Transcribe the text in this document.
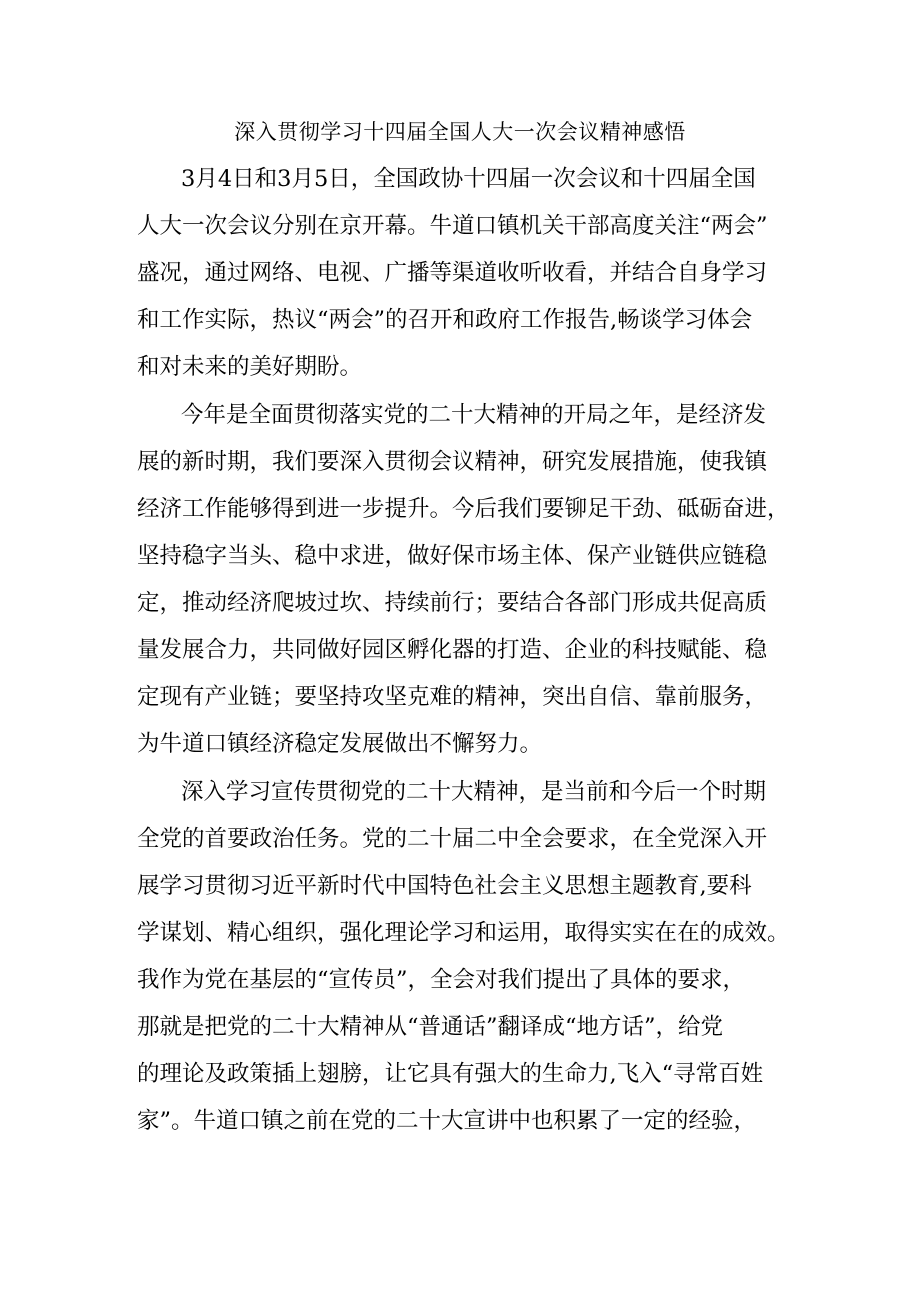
深入贯彻学习十四届全国人大一次会议精神感悟
3月4日和3月5日，全国政协十四届一次会议和十四届全国
人大一次会议分别在京开幕。牛道口镇机关干部高度关注“两会”
盛况，通过网络、电视、广播等渠道收听收看，并结合自身学习
和工作实际，热议“两会”的召开和政府工作报告,畅谈学习体会
和对未来的美好期盼。
今年是全面贯彻落实党的二十大精神的开局之年，是经济发
展的新时期，我们要深入贯彻会议精神，研究发展措施，使我镇
经济工作能够得到进一步提升。今后我们要铆足干劲、砥砺奋进，
坚持稳字当头、稳中求进，做好保市场主体、保产业链供应链稳
定，推动经济爬坡过坎、持续前行；要结合各部门形成共促高质
量发展合力，共同做好园区孵化器的打造、企业的科技赋能、稳
定现有产业链；要坚持攻坚克难的精神，突出自信、靠前服务，
为牛道口镇经济稳定发展做出不懈努力。
深入学习宣传贯彻党的二十大精神，是当前和今后一个时期
全党的首要政治任务。党的二十届二中全会要求，在全党深入开
展学习贯彻习近平新时代中国特色社会主义思想主题教育,要科
学谋划、精心组织，强化理论学习和运用，取得实实在在的成效。
我作为党在基层的“宣传员”，全会对我们提出了具体的要求，
那就是把党的二十大精神从“普通话”翻译成“地方话”，给党
的理论及政策插上翅膀，让它具有强大的生命力,飞入“寻常百姓
家”。牛道口镇之前在党的二十大宣讲中也积累了一定的经验，
